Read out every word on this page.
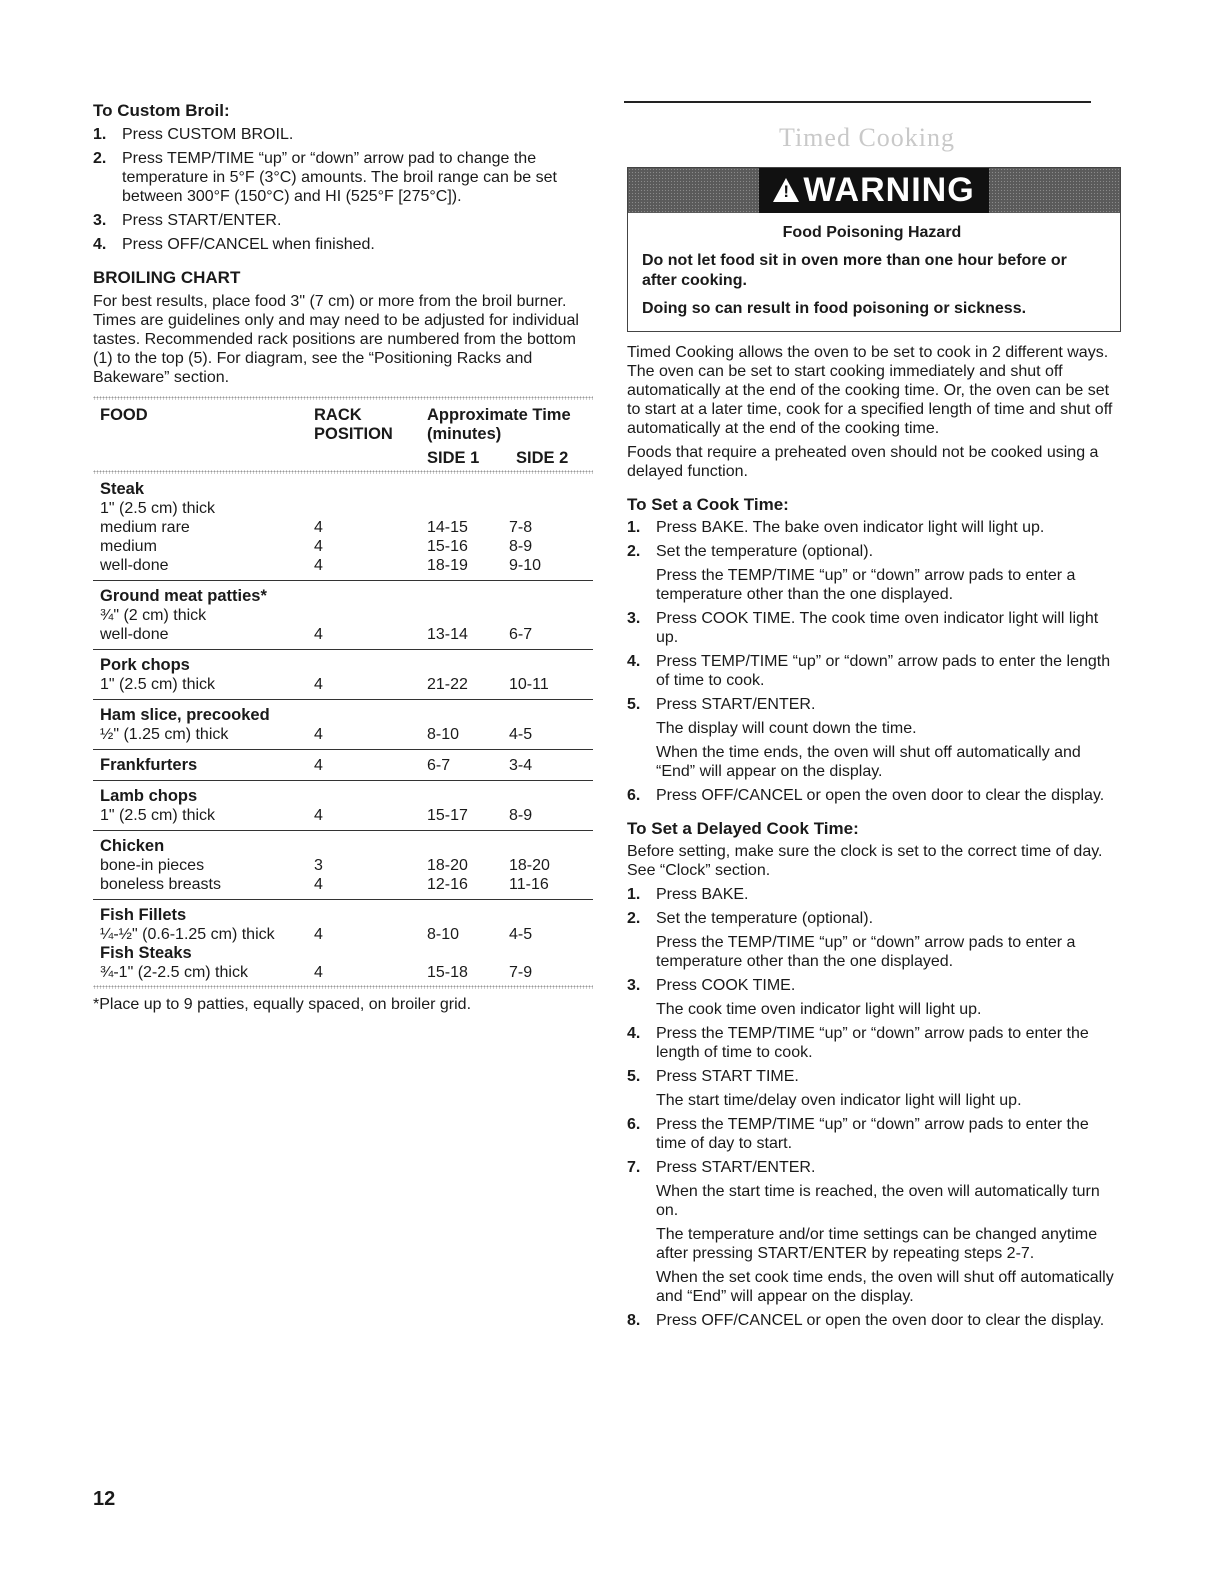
To Custom Broil:
1. Press CUSTOM BROIL.
2. Press TEMP/TIME “up” or “down” arrow pad to change the temperature in 5°F (3°C) amounts. The broil range can be set between 300°F (150°C) and HI (525°F [275°C]).
3. Press START/ENTER.
4. Press OFF/CANCEL when finished.
BROILING CHART

For best results, place food 3" (7 cm) or more from the broil burner. Times are guidelines only and may need to be adjusted for individual tastes. Recommended rack positions are numbered from the bottom (1) to the top (5). For diagram, see the “Positioning Racks and Bakeware” section.

FOOD	RACK
POSITION
Approximate Time
(minutes)
SIDE 1 SIDE 2
Steak
1" (2.5 cm) thick
medium rare	4	14-15	7-8
medium	4	15-16	8-9
well-done	4	18-19	9-10
Ground meat patties*
¾" (2 cm) thick
well-done	4	13-14	6-7
Pork chops
1" (2.5 cm) thick	4	21-22	10-11
Ham slice, precooked
½" (1.25 cm) thick	4	8-10	4-5
Frankfurters	4	6-7	3-4
Lamb chops
1" (2.5 cm) thick	4	15-17	8-9
Chicken
bone-in pieces	3	18-20	18-20
boneless breasts	4	12-16	11-16
Fish Fillets
¼-½" (0.6-1.25 cm) thick 4	8-10	4-5
Fish Steaks
¾-1" (2-2.5 cm) thick	4	15-18	7-9

*Place up to 9 patties, equally spaced, on broiler grid.

Timed Cooking
! WARNING
Food Poisoning Hazard

Do not let food sit in oven more than one hour before or after cooking.

Doing so can result in food poisoning or sickness.

Timed Cooking allows the oven to be set to cook in 2 different ways. The oven can be set to start cooking immediately and shut off automatically at the end of the cooking time. Or, the oven can be set to start at a later time, cook for a specified length of time and shut off automatically at the end of the cooking time.

Foods that require a preheated oven should not be cooked using a delayed function.

To Set a Cook Time:
1. Press BAKE. The bake oven indicator light will light up.
2. Set the temperature (optional).
Press the TEMP/TIME “up” or “down” arrow pads to enter a temperature other than the one displayed.
3. Press COOK TIME. The cook time oven indicator light will light up.
4. Press TEMP/TIME “up” or “down” arrow pads to enter the length of time to cook.
5. Press START/ENTER.
The display will count down the time.
When the time ends, the oven will shut off automatically and “End” will appear on the display.
6. Press OFF/CANCEL or open the oven door to clear the display.
To Set a Delayed Cook Time:

Before setting, make sure the clock is set to the correct time of day. See “Clock” section.

1. Press BAKE.
2. Set the temperature (optional).
Press the TEMP/TIME “up” or “down” arrow pads to enter a temperature other than the one displayed.
3. Press COOK TIME.
The cook time oven indicator light will light up.
4. Press the TEMP/TIME “up” or “down” arrow pads to enter the length of time to cook.
5. Press START TIME.
The start time/delay oven indicator light will light up.
6. Press the TEMP/TIME “up” or “down” arrow pads to enter the time of day to start.
7. Press START/ENTER.
When the start time is reached, the oven will automatically turn on.
The temperature and/or time settings can be changed anytime after pressing START/ENTER by repeating steps 2-7.
When the set cook time ends, the oven will shut off automatically and “End” will appear on the display.
8. Press OFF/CANCEL or open the oven door to clear the display.
12
